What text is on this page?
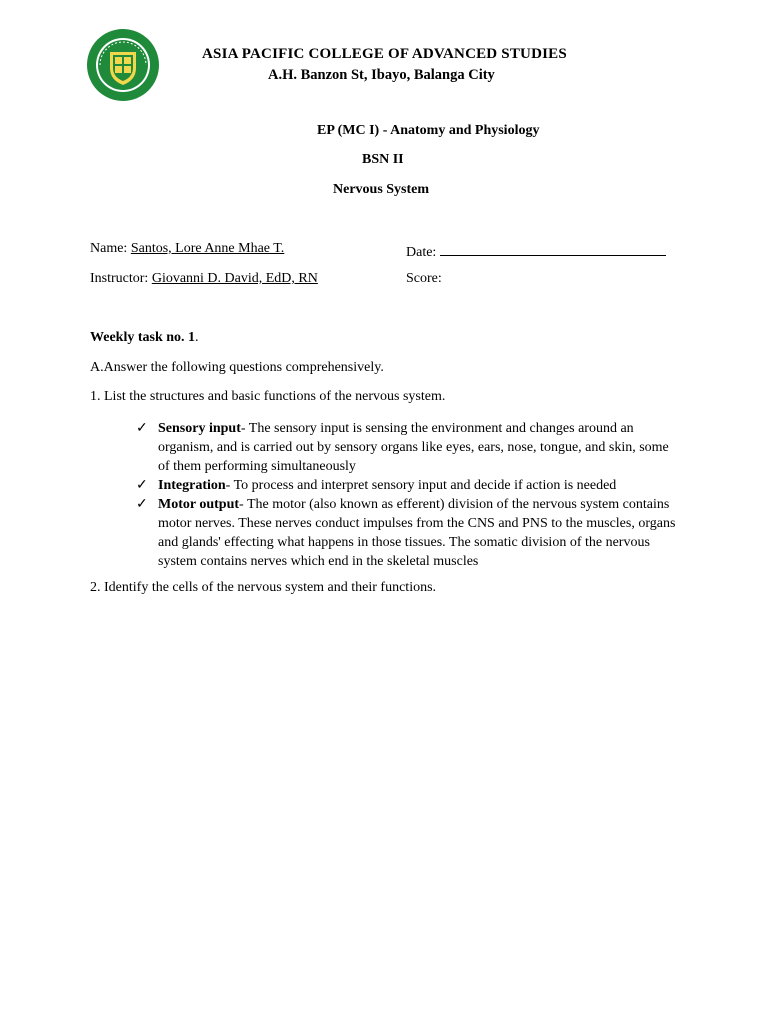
ASIA PACIFIC COLLEGE OF ADVANCED STUDIES
A.H. Banzon St, Ibayo, Balanga City
EP (MC I) - Anatomy and Physiology
BSN II
Nervous System
Name: Santos, Lore Anne Mhae T.	Date:
Instructor: Giovanni D. David, EdD, RN	Score:
Weekly task no. 1.
A.Answer the following questions comprehensively.
1. List the structures and basic functions of the nervous system.
✓ Sensory input- The sensory input is sensing the environment and changes around an organism, and is carried out by sensory organs like eyes, ears, nose, tongue, and skin, some of them performing simultaneously
✓ Integration- To process and interpret sensory input and decide if action is needed
✓ Motor output- The motor (also known as efferent) division of the nervous system contains motor nerves. These nerves conduct impulses from the CNS and PNS to the muscles, organs and glands' effecting what happens in those tissues. The somatic division of the nervous system contains nerves which end in the skeletal muscles
2. Identify the cells of the nervous system and their functions.
